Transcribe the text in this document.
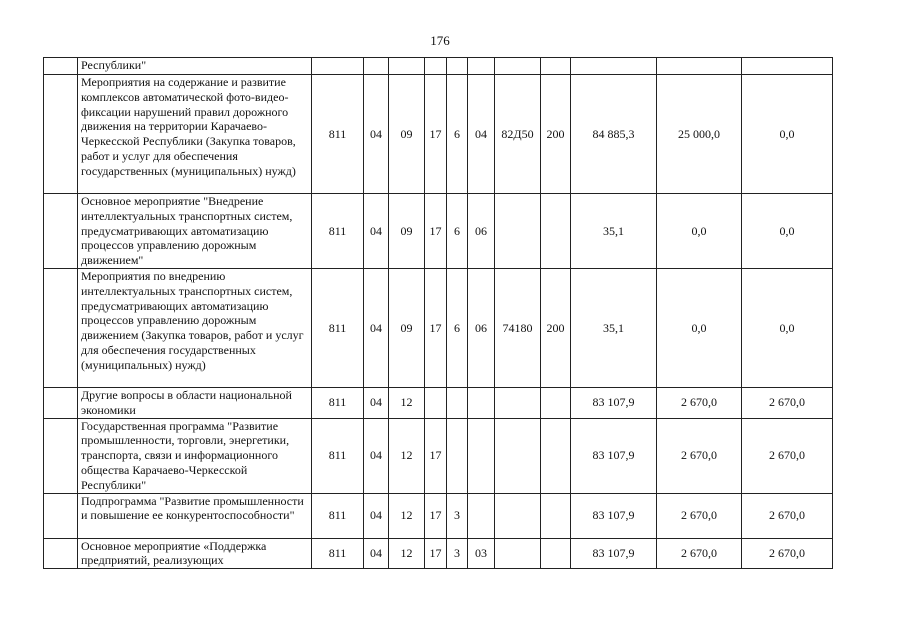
176
	Республики"											
	Мероприятия на содержание и развитие комплексов автоматической фото-видео-фиксации нарушений правил дорожного движения на территории Карачаево-Черкесской Республики (Закупка товаров, работ и услуг для обеспечения государственных (муниципальных) нужд)	811	04	09	17	6	04	82Д50	200	84 885,3	25 000,0	0,0
	Основное мероприятие "Внедрение интеллектуальных транспортных систем, предусматривающих автоматизацию процессов управлению дорожным движением"	811	04	09	17	6	06			35,1	0,0	0,0
	Мероприятия по внедрению интеллектуальных транспортных систем, предусматривающих автоматизацию процессов управлению дорожным движением (Закупка товаров, работ и услуг для обеспечения государственных (муниципальных) нужд)	811	04	09	17	6	06	74180	200	35,1	0,0	0,0
	Другие вопросы в области национальной экономики	811	04	12						83 107,9	2 670,0	2 670,0
	Государственная программа "Развитие промышленности, торговли, энергетики, транспорта, связи и информационного общества Карачаево-Черкесской Республики"	811	04	12	17					83 107,9	2 670,0	2 670,0
	Подпрограмма "Развитие промышленности и повышение ее конкурентоспособности"	811	04	12	17	3				83 107,9	2 670,0	2 670,0
	Основное мероприятие «Поддержка предприятий, реализующих	811	04	12	17	3	03			83 107,9	2 670,0	2 670,0
